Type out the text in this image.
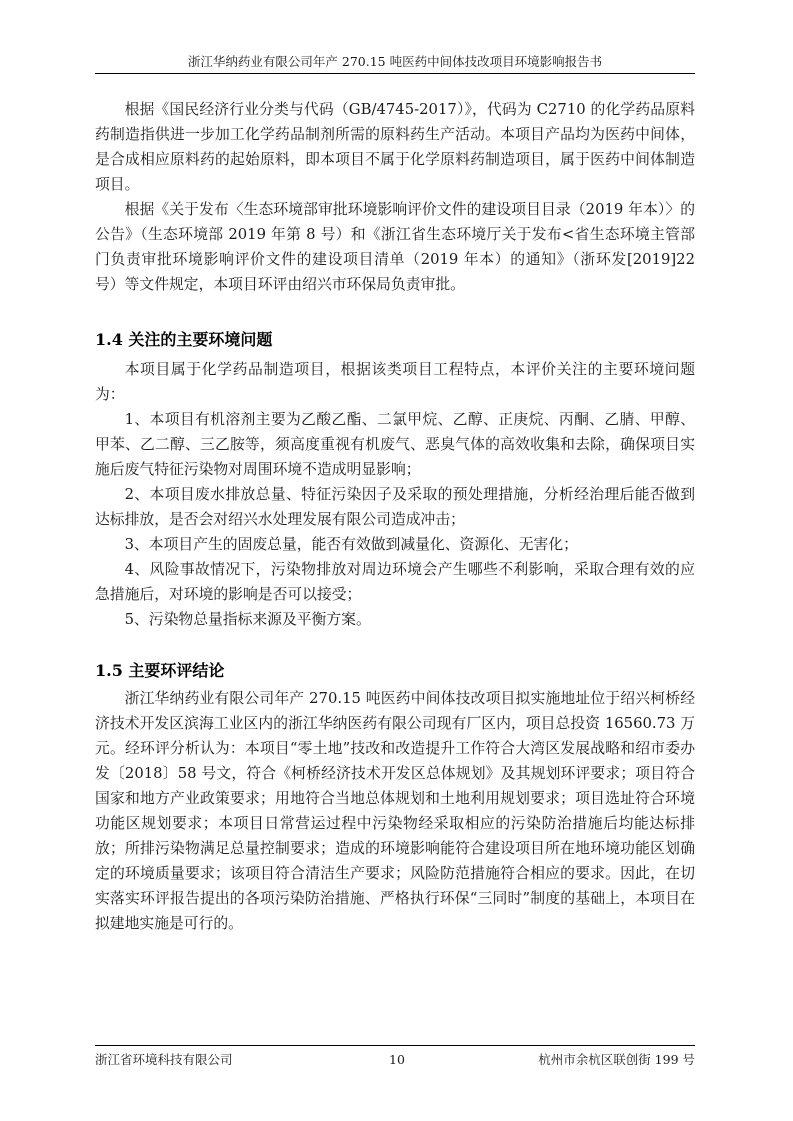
浙江华纳药业有限公司年产 270.15 吨医药中间体技改项目环境影响报告书

根据《国民经济行业分类与代码（GB/4745-2017）》，代码为 C2710 的化学药品原料药制造指供进一步加工化学药品制剂所需的原料药生产活动。本项目产品均为医药中间体，是合成相应原料药的起始原料，即本项目不属于化学原料药制造项目，属于医药中间体制造项目。

根据《关于发布〈生态环境部审批环境影响评价文件的建设项目目录（2019 年本）〉的公告》（生态环境部 2019 年第 8 号）和《浙江省生态环境厅关于发布<省生态环境主管部门负责审批环境影响评价文件的建设项目清单（2019 年本）的通知》（浙环发[2019]22 号）等文件规定，本项目环评由绍兴市环保局负责审批。

1.4 关注的主要环境问题

本项目属于化学药品制造项目，根据该类项目工程特点，本评价关注的主要环境问题为：

1、本项目有机溶剂主要为乙酸乙酯、二氯甲烷、乙醇、正庚烷、丙酮、乙腈、甲醇、甲苯、乙二醇、三乙胺等，须高度重视有机废气、恶臭气体的高效收集和去除，确保项目实施后废气特征污染物对周围环境不造成明显影响；

2、本项目废水排放总量、特征污染因子及采取的预处理措施，分析经治理后能否做到达标排放，是否会对绍兴水处理发展有限公司造成冲击；

3、本项目产生的固废总量，能否有效做到减量化、资源化、无害化；

4、风险事故情况下，污染物排放对周边环境会产生哪些不利影响，采取合理有效的应急措施后，对环境的影响是否可以接受；

5、污染物总量指标来源及平衡方案。

1.5 主要环评结论

浙江华纳药业有限公司年产 270.15 吨医药中间体技改项目拟实施地址位于绍兴柯桥经济技术开发区滨海工业区内的浙江华纳医药有限公司现有厂区内，项目总投资 16560.73 万元。经环评分析认为：本项目“零土地”技改和改造提升工作符合大湾区发展战略和绍市委办发〔2018〕58 号文，符合《柯桥经济技术开发区总体规划》及其规划环评要求；项目符合国家和地方产业政策要求；用地符合当地总体规划和土地利用规划要求；项目选址符合环境功能区规划要求；本项目日常营运过程中污染物经采取相应的污染防治措施后均能达标排放；所排污染物满足总量控制要求；造成的环境影响能符合建设项目所在地环境功能区划确定的环境质量要求；该项目符合清洁生产要求；风险防范措施符合相应的要求。因此，在切实落实环评报告提出的各项污染防治措施、严格执行环保“三同时”制度的基础上，本项目在拟建地实施是可行的。

浙江省环境科技有限公司	10	杭州市余杭区联创街 199 号
